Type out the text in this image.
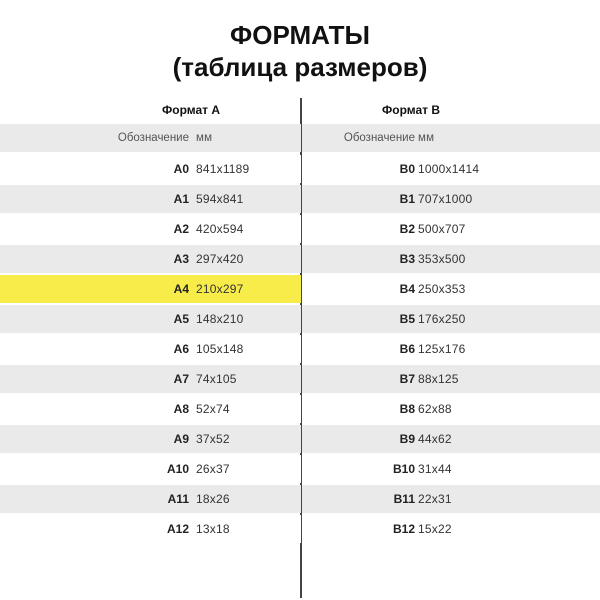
ФОРМАТЫ
(таблица размеров)
Формат А
Обозначение мм
А0 841x1189
А1 594x841
А2 420x594
А3 297x420
А4 210x297
А5 148x210
А6 105x148
А7 74x105
А8 52x74
А9 37x52
А10 26x37
А11 18x26
А12 13x18
Формат В
Обозначение мм
В0 1000x1414
В1 707x1000
В2 500x707
В3 353x500
В4 250x353
В5 176x250
В6 125x176
В7 88x125
В8 62x88
В9 44x62
В10 31x44
В11 22x31
В12 15x22
